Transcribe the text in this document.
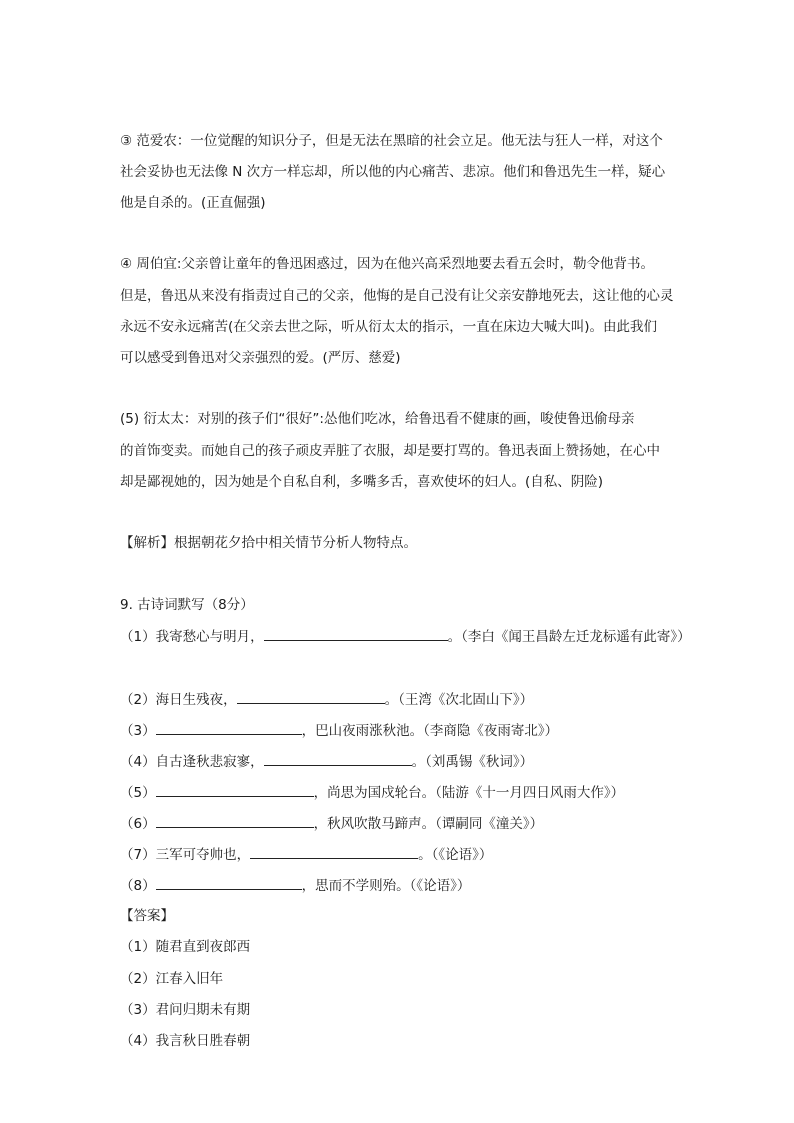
③ 范爱农：一位觉醒的知识分子，但是无法在黑暗的社会立足。他无法与狂人一样，对这个
社会妥协也无法像 N 次方一样忘却，所以他的内心痛苦、悲凉。他们和鲁迅先生一样，疑心
他是自杀的。(正直倔强)
④ 周伯宜:父亲曾让童年的鲁迅困惑过，因为在他兴高采烈地要去看五会时，勒令他背书。
但是，鲁迅从来没有指责过自己的父亲，他悔的是自己没有让父亲安静地死去，这让他的心灵
永远不安永远痛苦(在父亲去世之际，听从衍太太的指示，一直在床边大喊大叫)。由此我们
可以感受到鲁迅对父亲强烈的爱。(严厉、慈爱)
(5) 衍太太：对别的孩子们“很好”:怂他们吃冰，给鲁迅看不健康的画，唆使鲁迅偷母亲
的首饰变卖。而她自己的孩子顽皮弄脏了衣服，却是要打骂的。鲁迅表面上赞扬她，在心中
却是鄙视她的，因为她是个自私自利，多嘴多舌，喜欢使坏的妇人。(自私、阴险)
【解析】根据朝花夕拾中相关情节分析人物特点。
9. 古诗词默写（8分）
（1）我寄愁心与明月，	。（李白《闻王昌龄左迁龙标遥有此寄》）
（2）海日生残夜，	。（王湾《次北固山下》）
（3）	，巴山夜雨涨秋池。（李商隐《夜雨寄北》）
（4）自古逢秋悲寂寥，	。（刘禹锡《秋词》）
（5）	，尚思为国戍轮台。（陆游《十一月四日风雨大作》）
（6）	，秋风吹散马蹄声。（谭嗣同《潼关》）
（7）三军可夺帅也，	。（《论语》）
（8）	，思而不学则殆。（《论语》）
【答案】
（1）随君直到夜郎西
（2）江春入旧年
（3）君问归期未有期
（4）我言秋日胜春朝
